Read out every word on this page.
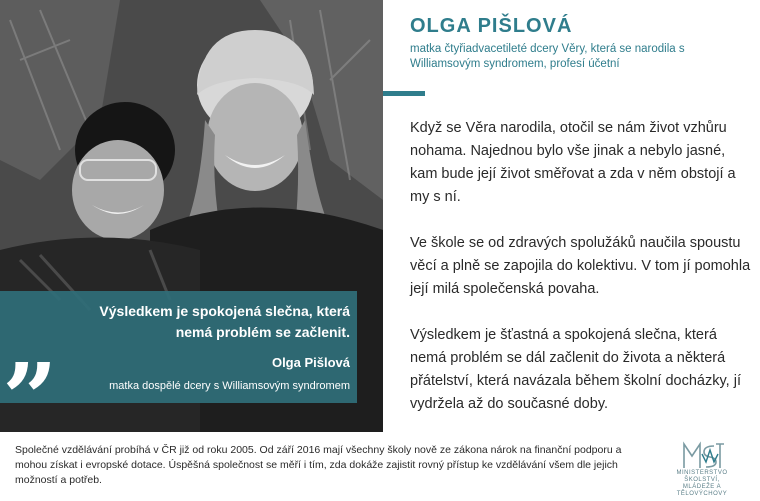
„	Výsledkem je spokojená slečna, která nemá problém se začlenit.
Olga Pišlová
matka dospělé dcery s Williamsovým syndromem
OLGA PIŠLOVÁ
matka čtyřiadvacetileté dcery Věry, která se narodila s Williamsovým syndromem, profesí účetní

Když se Věra narodila, otočil se nám život vzhůru nohama. Najednou bylo vše jinak a nebylo jasné, kam bude její život směřovat a zda v něm obstojí a my s ní.

Ve škole se od zdravých spolužáků naučila spoustu věcí a plně se zapojila do kolektivu. V tom jí pomohla její milá společenská povaha.

Výsledkem je šťastná a spokojená slečna, která nemá problém se dál začlenit do života a některá přátelství, která navázala během školní docházky, jí vydržela až do současné doby.

Společné vzdělávání probíhá v ČR již od roku 2005. Od září 2016 mají všechny školy nově ze zákona nárok na finanční podporu a mohou získat i evropské dotace. Úspěšná společnost se měří i tím, zda dokáže zajistit rovný přístup ke vzdělávání všem dle jejich možností a potřeb.
MINISTERSTVO ŠKOLSTVÍ,
MLÁDEŽE A TĚLOVÝCHOVY
